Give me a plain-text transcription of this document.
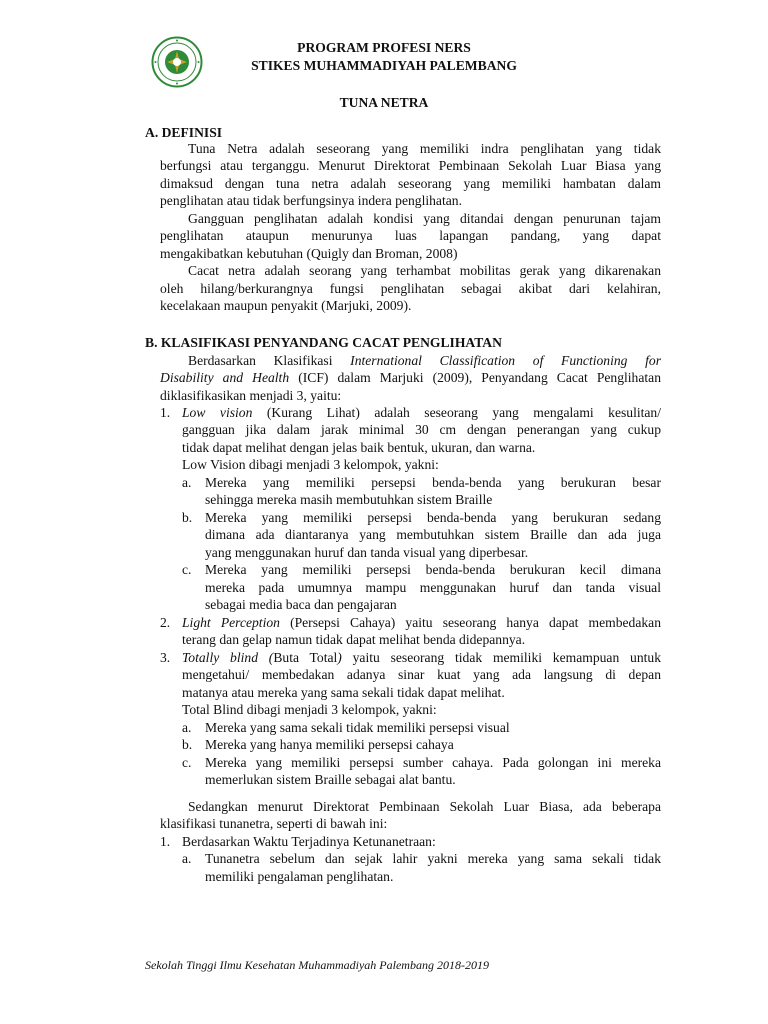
PROGRAM PROFESI NERS
STIKES MUHAMMADIYAH PALEMBANG
TUNA NETRA
A. DEFINISI
Tuna Netra adalah seseorang yang memiliki indra penglihatan yang tidak
berfungsi atau terganggu. Menurut Direktorat Pembinaan Sekolah Luar Biasa yang
dimaksud dengan tuna netra adalah seseorang yang memiliki hambatan dalam
penglihatan atau tidak berfungsinya indera penglihatan.
Gangguan penglihatan adalah kondisi yang ditandai dengan penurunan tajam
penglihatan ataupun menurunya luas lapangan pandang, yang dapat
mengakibatkan kebutuhan (Quigly dan Broman, 2008)
Cacat netra adalah seorang yang terhambat mobilitas gerak yang dikarenakan
oleh hilang/berkurangnya fungsi penglihatan sebagai akibat dari kelahiran,
kecelakaan maupun penyakit (Marjuki, 2009).
B. KLASIFIKASI PENYANDANG CACAT PENGLIHATAN
Berdasarkan Klasifikasi International Classification of Functioning for
Disability and Health (ICF) dalam Marjuki (2009), Penyandang Cacat Penglihatan
diklasifikasikan menjadi 3, yaitu:
1. Low vision (Kurang Lihat) adalah seseorang yang mengalami kesulitan/
gangguan jika dalam jarak minimal 30 cm dengan penerangan yang cukup
tidak dapat melihat dengan jelas baik bentuk, ukuran, dan warna.
Low Vision dibagi menjadi 3 kelompok, yakni:
a. Mereka yang memiliki persepsi benda-benda yang berukuran besar
sehingga mereka masih membutuhkan sistem Braille
b. Mereka yang memiliki persepsi benda-benda yang berukuran sedang
dimana ada diantaranya yang membutuhkan sistem Braille dan ada juga
yang menggunakan huruf dan tanda visual yang diperbesar.
c. Mereka yang memiliki persepsi benda-benda berukuran kecil dimana
mereka pada umumnya mampu menggunakan huruf dan tanda visual
sebagai media baca dan pengajaran
2. Light Perception (Persepsi Cahaya) yaitu seseorang hanya dapat membedakan
terang dan gelap namun tidak dapat melihat benda didepannya.
3. Totally blind (Buta Total) yaitu seseorang tidak memiliki kemampuan untuk
mengetahui/ membedakan adanya sinar kuat yang ada langsung di depan
matanya atau mereka yang sama sekali tidak dapat melihat.
Total Blind dibagi menjadi 3 kelompok, yakni:
a. Mereka yang sama sekali tidak memiliki persepsi visual
b. Mereka yang hanya memiliki persepsi cahaya
c. Mereka yang memiliki persepsi sumber cahaya. Pada golongan ini mereka
memerlukan sistem Braille sebagai alat bantu.
Sedangkan menurut Direktorat Pembinaan Sekolah Luar Biasa, ada beberapa
klasifikasi tunanetra, seperti di bawah ini:
1. Berdasarkan Waktu Terjadinya Ketunanetraan:
a. Tunanetra sebelum dan sejak lahir yakni mereka yang sama sekali tidak
memiliki pengalaman penglihatan.
Sekolah Tinggi Ilmu Kesehatan Muhammadiyah Palembang 2018-2019
